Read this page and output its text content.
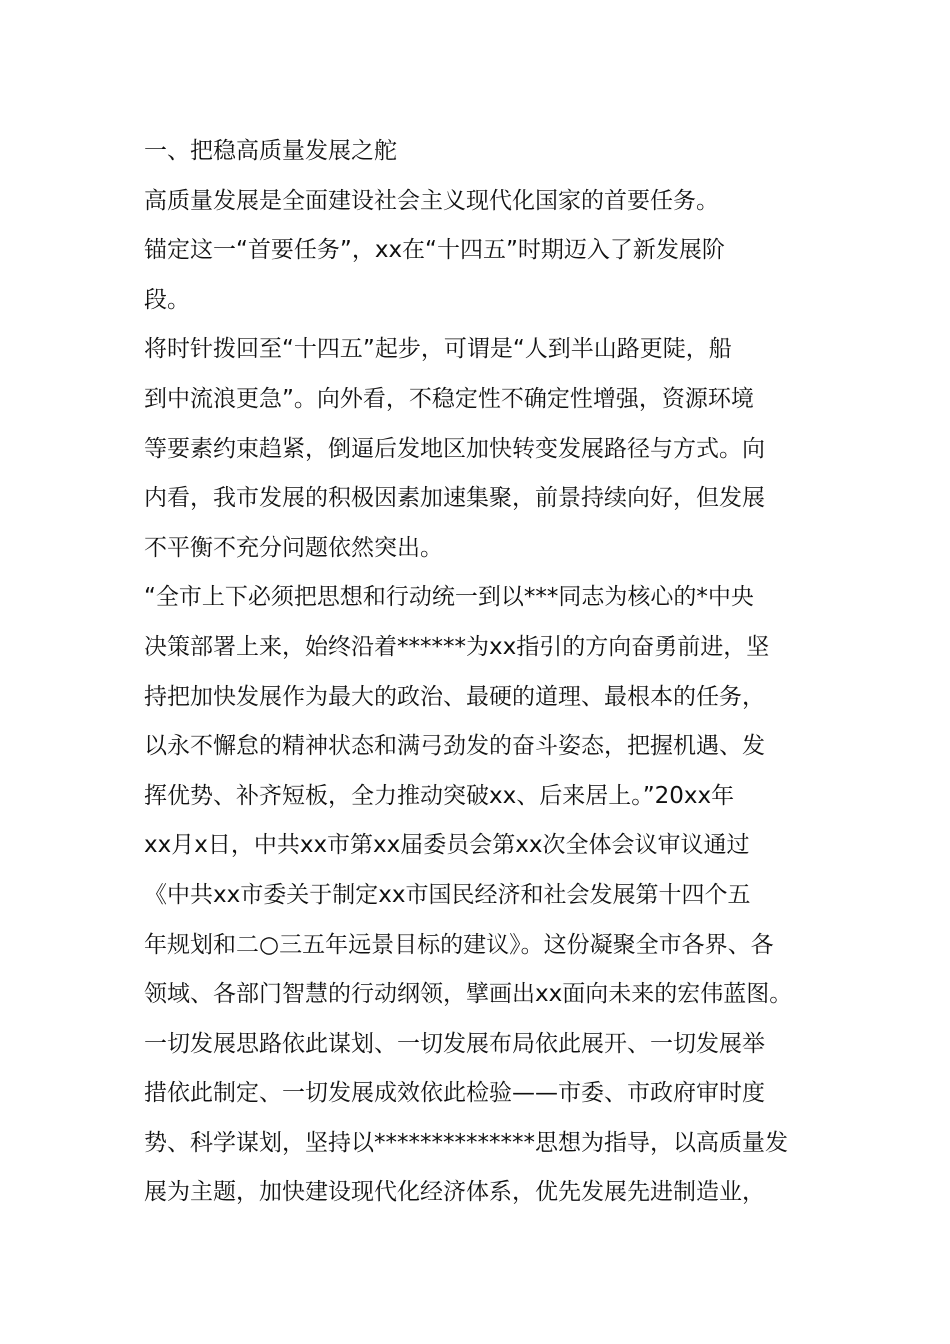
一、把稳高质量发展之舵
高质量发展是全面建设社会主义现代化国家的首要任务。
锚定这一“首要任务”，xx在“十四五”时期迈入了新发展阶
段。
将时针拨回至“十四五”起步，可谓是“人到半山路更陡，船
到中流浪更急”。向外看，不稳定性不确定性增强，资源环境
等要素约束趋紧，倒逼后发地区加快转变发展路径与方式。向
内看，我市发展的积极因素加速集聚，前景持续向好，但发展
不平衡不充分问题依然突出。
“全市上下必须把思想和行动统一到以***同志为核心的*中央
决策部署上来，始终沿着******为xx指引的方向奋勇前进，坚
持把加快发展作为最大的政治、最硬的道理、最根本的任务，
以永不懈怠的精神状态和满弓劲发的奋斗姿态，把握机遇、发
挥优势、补齐短板，全力推动突破xx、后来居上。”20xx年
xx月x日，中共xx市第xx届委员会第xx次全体会议审议通过
《中共xx市委关于制定xx市国民经济和社会发展第十四个五
年规划和二○三五年远景目标的建议》。这份凝聚全市各界、各
领域、各部门智慧的行动纲领，擘画出xx面向未来的宏伟蓝图。
一切发展思路依此谋划、一切发展布局依此展开、一切发展举
措依此制定、一切发展成效依此检验——市委、市政府审时度
势、科学谋划，坚持以**************思想为指导，以高质量发
展为主题，加快建设现代化经济体系，优先发展先进制造业，
